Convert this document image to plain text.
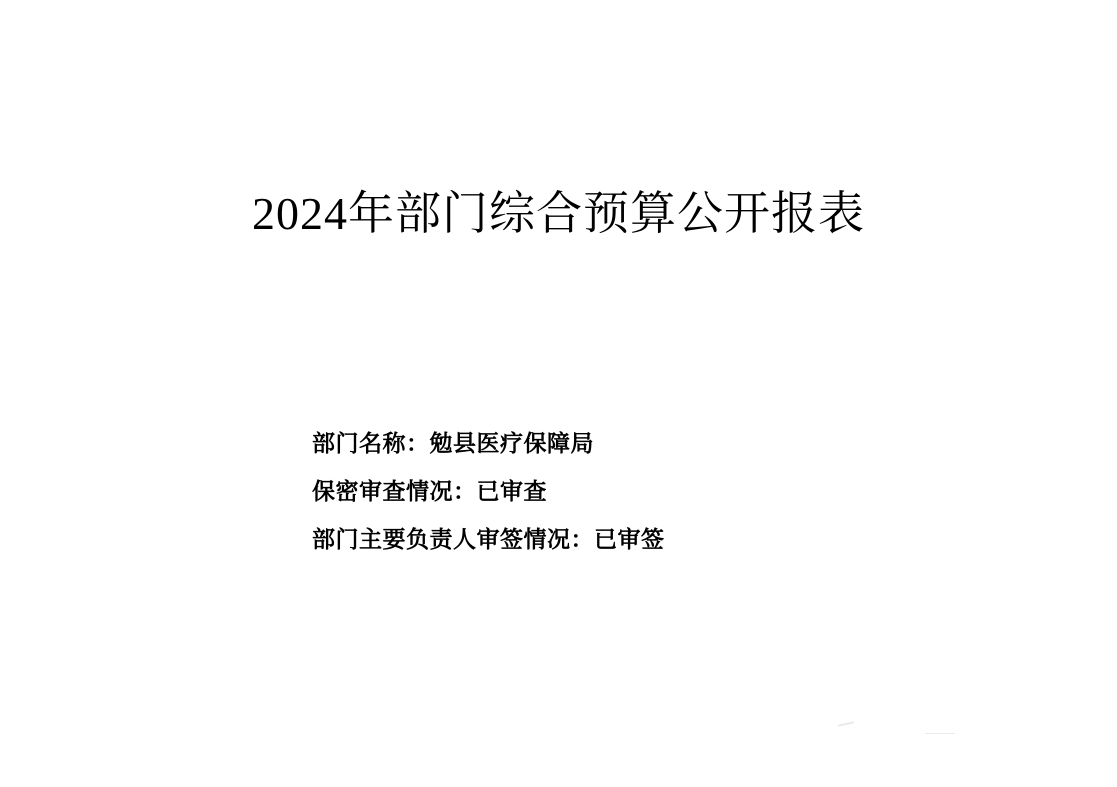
2024年部门综合预算公开报表
部门名称：勉县医疗保障局
保密审查情况：已审查
部门主要负责人审签情况：已审签
